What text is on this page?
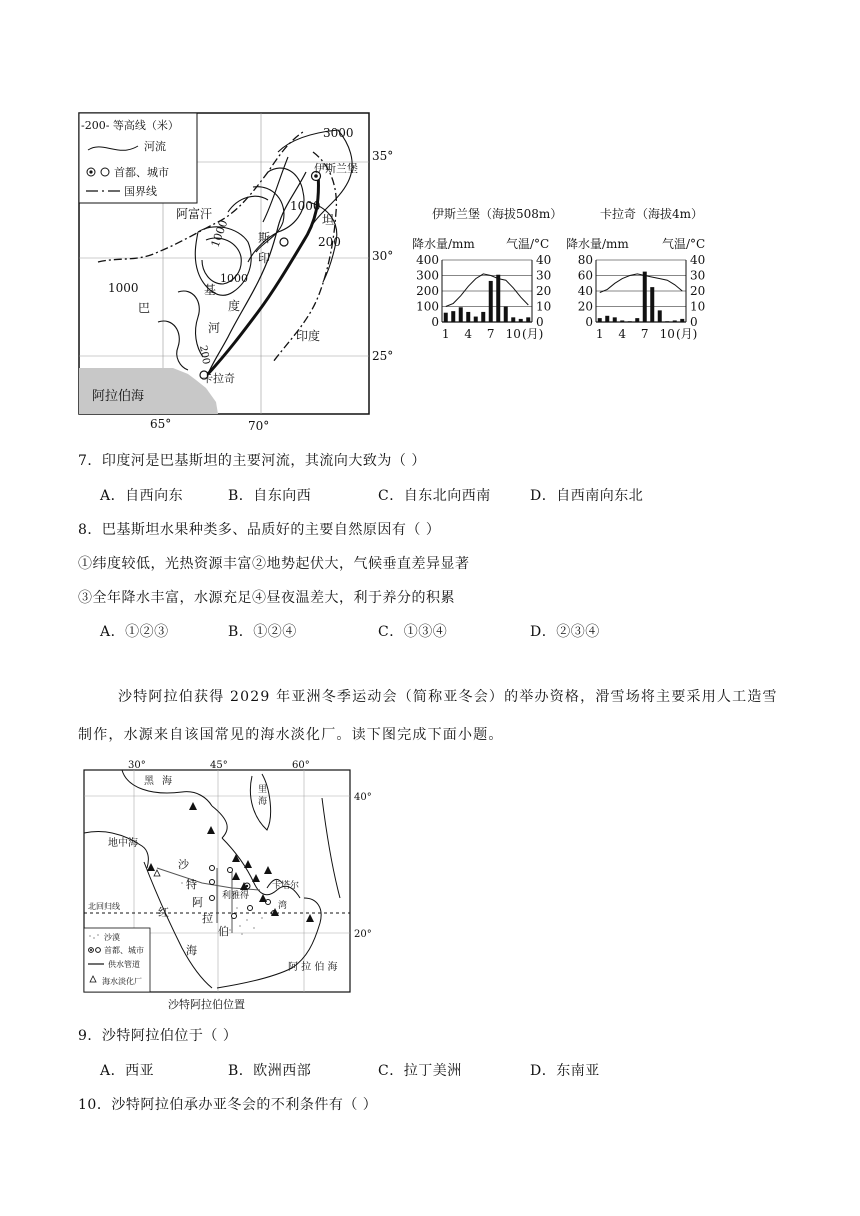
-200- 等高线（米）
河流
首都、城市
国界线
3000
35°
伊斯兰堡
1000
阿富汗	坦
1000	200
30°
斯
印
1000
1000	基
巴	度
河
印度
200	25°
卡拉奇
阿拉伯海
65°	70°
伊斯兰堡（海拔508m）	卡拉奇（海拔4m）
降水量/mm	气温/°C 降水量/mm	气温/°C
400	40
300	30
200	20
100	10
0	0
1 4 7 10 (月)
80	40
60	30
40	20
20	10
0	0
1 4 7 10 (月)
7．印度河是巴基斯坦的主要河流，其流向大致为（ ）
A．自西向东	B．自东向西	C．自东北向西南	D．自西南向东北
8．巴基斯坦水果种类多、品质好的主要自然原因有（ ）
①纬度较低，光热资源丰富②地势起伏大，气候垂直差异显著
③全年降水丰富，水源充足④昼夜温差大，利于养分的积累
A．①②③	B．①②④	C．①③④	D．②③④
沙特阿拉伯获得 2029 年亚洲冬季运动会（简称亚冬会）的举办资格，滑雪场将主要采用人工造雪制作，水源来自该国常见的海水淡化厂。读下图完成下面小题。
30°	45°	60°
40°
20°
黑 海
里
海
地中海
沙
特
阿
拉
伯
红
海
利雅得
卡塔尔
湾
北回归线
阿 拉 伯 海
沙漠
首都、城市
供水管道
海水淡化厂
沙特阿拉伯位置
9．沙特阿拉伯位于（ ）
A．西亚	B．欧洲西部	C．拉丁美洲	D．东南亚
10．沙特阿拉伯承办亚冬会的不利条件有（ ）
